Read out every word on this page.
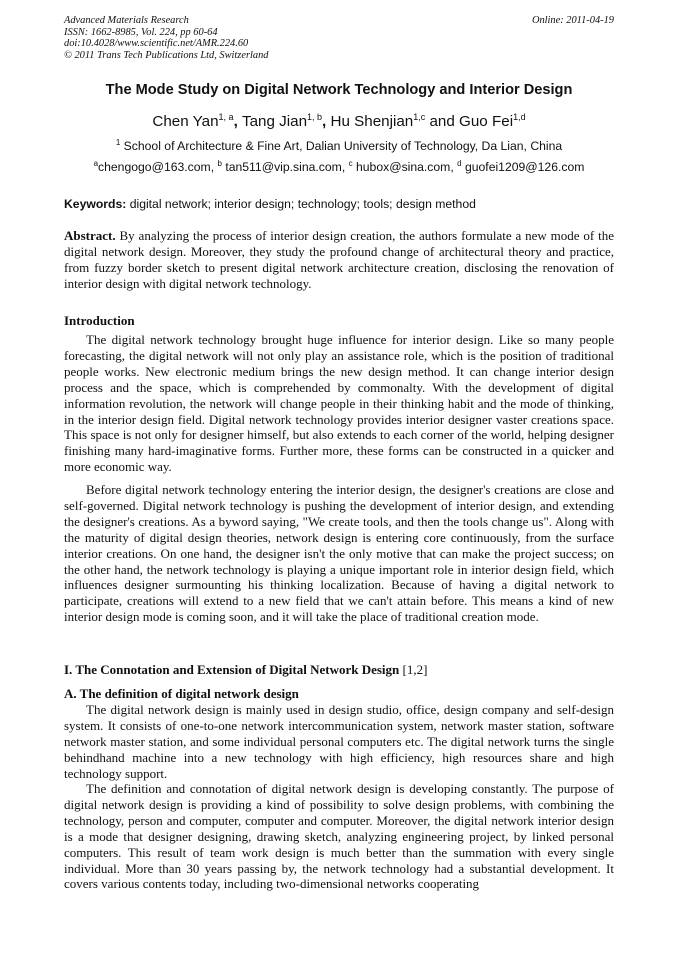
Advanced Materials Research
ISSN: 1662-8985, Vol. 224, pp 60-64
doi:10.4028/www.scientific.net/AMR.224.60
© 2011 Trans Tech Publications Ltd, Switzerland
Online: 2011-04-19
The Mode Study on Digital Network Technology and Interior Design
Chen Yan$^{1, a}$, Tang Jian$^{1, b}$, Hu Shenjian$^{1,c}$ and Guo Fei$^{1,d}$
$^1$ School of Architecture & Fine Art, Dalian University of Technology, Da Lian, China
$^a$chengogo@163.com, $^b$ tan511@vip.sina.com, $^c$ hubox@sina.com, $^d$ guofei1209@126.com
Keywords: digital network; interior design; technology; tools; design method

Abstract. By analyzing the process of interior design creation, the authors formulate a new mode of the digital network design. Moreover, they study the profound change of architectural theory and practice, from fuzzy border sketch to present digital network architecture creation, disclosing the renovation of interior design with digital network technology.

Introduction

The digital network technology brought huge influence for interior design. Like so many people forecasting, the digital network will not only play an assistance role, which is the position of traditional people works. New electronic medium brings the new design method. It can change interior design process and the space, which is comprehended by commonalty. With the development of digital information revolution, the network will change people in their thinking habit and the mode of thinking, in the interior design field. Digital network technology provides interior designer vaster creations space. This space is not only for designer himself, but also extends to each corner of the world, helping designer finishing many hard-imaginative forms. Further more, these forms can be constructed in a quicker and more economic way.

Before digital network technology entering the interior design, the designer's creations are close and self-governed. Digital network technology is pushing the development of interior design, and extending the designer's creations. As a byword saying, "We create tools, and then the tools change us". Along with the maturity of digital design theories, network design is entering core continuously, from the surface interior creations. On one hand, the designer isn't the only motive that can make the project success; on the other hand, the network technology is playing a unique important role in interior design field, which influences designer surmounting his thinking localization. Because of having a digital network to participate, creations will extend to a new field that we can't attain before. This means a kind of new interior design mode is coming soon, and it will take the place of traditional creation mode.

I. The Connotation and Extension of Digital Network Design [1,2]
A. The definition of digital network design

The digital network design is mainly used in design studio, office, design company and self-design system. It consists of one-to-one network intercommunication system, network master station, software network master station, and some individual personal computers etc. The digital network turns the single behindhand machine into a new technology with high efficiency, high resources share and high technology support.

The definition and connotation of digital network design is developing constantly. The purpose of digital network design is providing a kind of possibility to solve design problems, with combining the technology, person and computer, computer and computer. Moreover, the digital network interior design is a mode that designer designing, drawing sketch, analyzing engineering project, by linked personal computers. This result of team work design is much better than the summation with every single individual. More than 30 years passing by, the network technology had a substantial development. It covers various contents today, including two-dimensional networks cooperating
